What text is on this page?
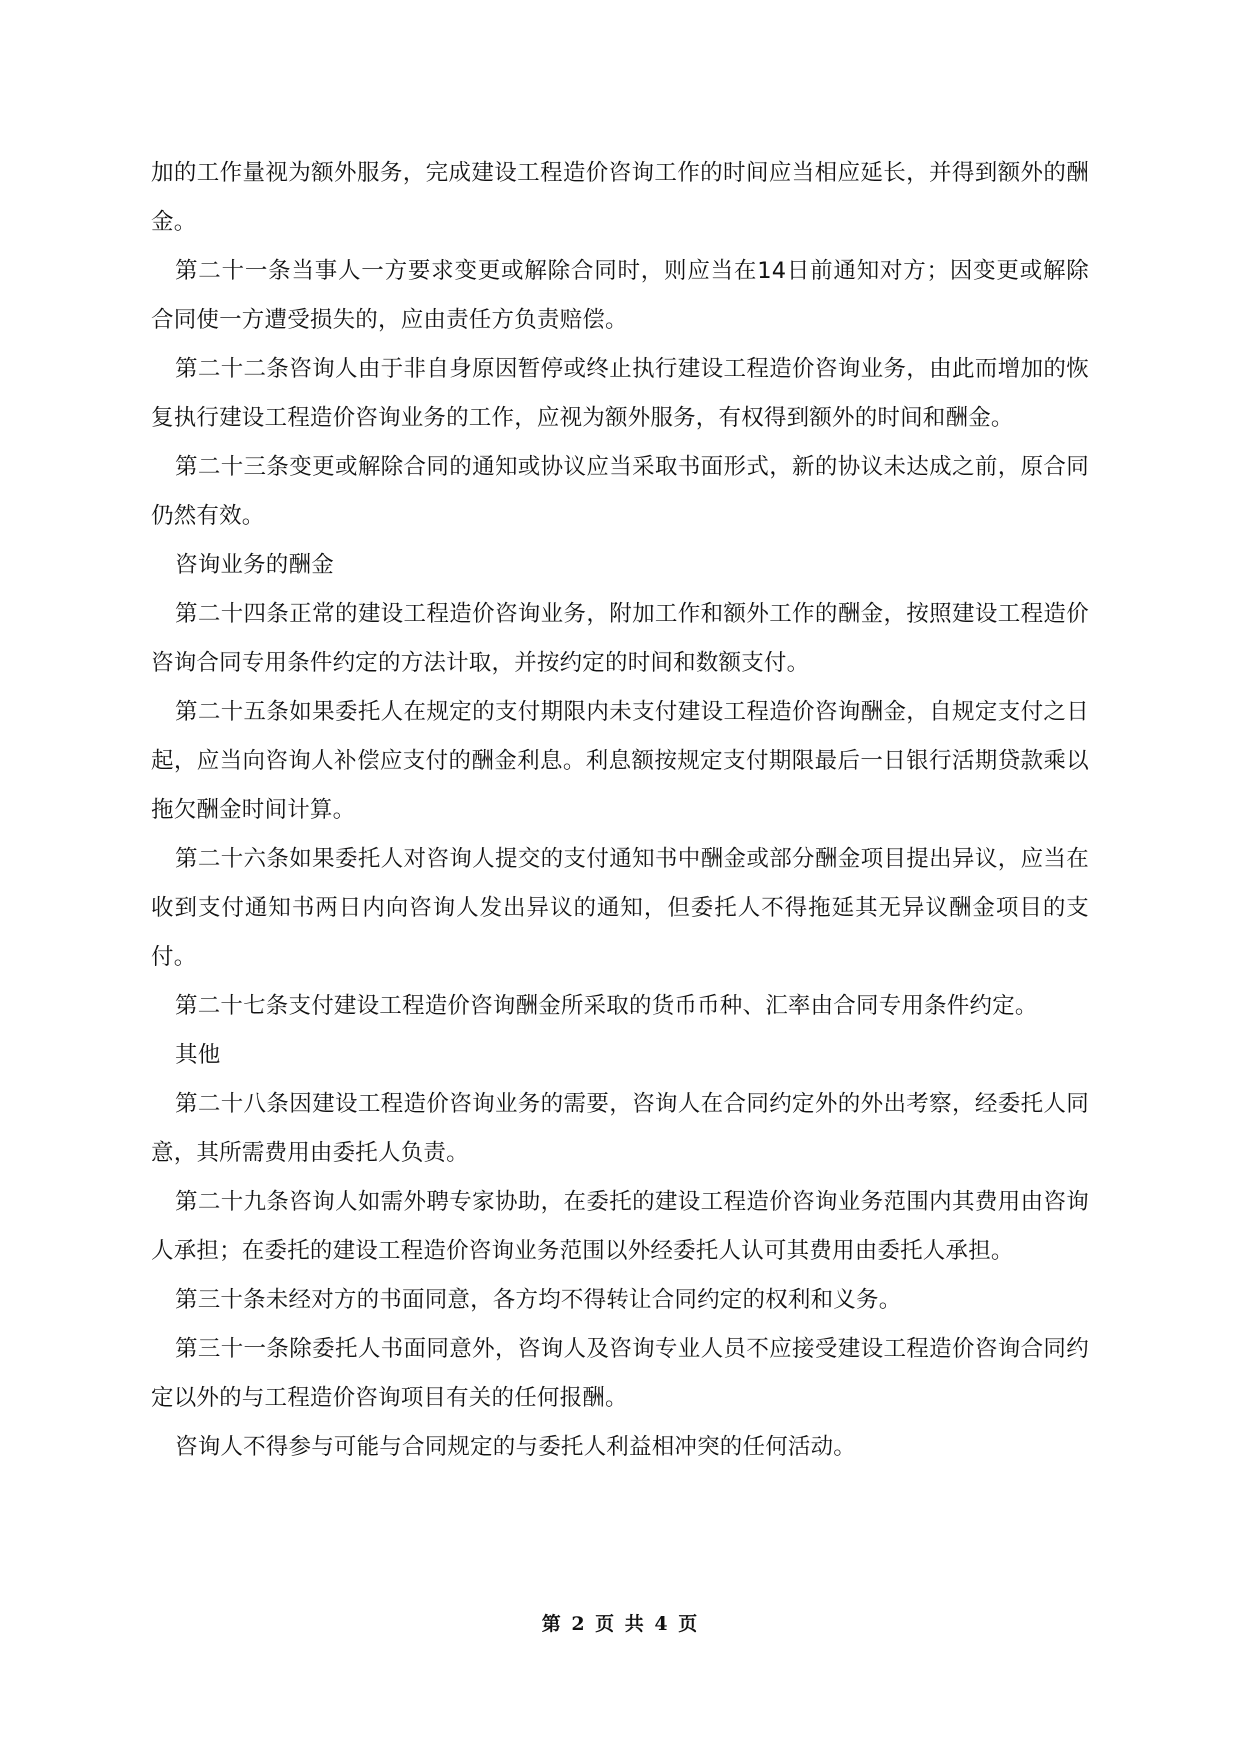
加的工作量视为额外服务，完成建设工程造价咨询工作的时间应当相应延长，并得到额外的酬金。

第二十一条当事人一方要求变更或解除合同时，则应当在14日前通知对方；因变更或解除合同使一方遭受损失的，应由责任方负责赔偿。

第二十二条咨询人由于非自身原因暂停或终止执行建设工程造价咨询业务，由此而增加的恢复执行建设工程造价咨询业务的工作，应视为额外服务，有权得到额外的时间和酬金。

第二十三条变更或解除合同的通知或协议应当采取书面形式，新的协议未达成之前，原合同仍然有效。

咨询业务的酬金

第二十四条正常的建设工程造价咨询业务，附加工作和额外工作的酬金，按照建设工程造价咨询合同专用条件约定的方法计取，并按约定的时间和数额支付。

第二十五条如果委托人在规定的支付期限内未支付建设工程造价咨询酬金，自规定支付之日起，应当向咨询人补偿应支付的酬金利息。利息额按规定支付期限最后一日银行活期贷款乘以拖欠酬金时间计算。

第二十六条如果委托人对咨询人提交的支付通知书中酬金或部分酬金项目提出异议，应当在收到支付通知书两日内向咨询人发出异议的通知，但委托人不得拖延其无异议酬金项目的支付。

第二十七条支付建设工程造价咨询酬金所采取的货币币种、汇率由合同专用条件约定。

其他

第二十八条因建设工程造价咨询业务的需要，咨询人在合同约定外的外出考察，经委托人同意，其所需费用由委托人负责。

第二十九条咨询人如需外聘专家协助，在委托的建设工程造价咨询业务范围内其费用由咨询人承担；在委托的建设工程造价咨询业务范围以外经委托人认可其费用由委托人承担。

第三十条未经对方的书面同意，各方均不得转让合同约定的权利和义务。

第三十一条除委托人书面同意外，咨询人及咨询专业人员不应接受建设工程造价咨询合同约定以外的与工程造价咨询项目有关的任何报酬。

咨询人不得参与可能与合同规定的与委托人利益相冲突的任何活动。

第 2 页 共 4 页
